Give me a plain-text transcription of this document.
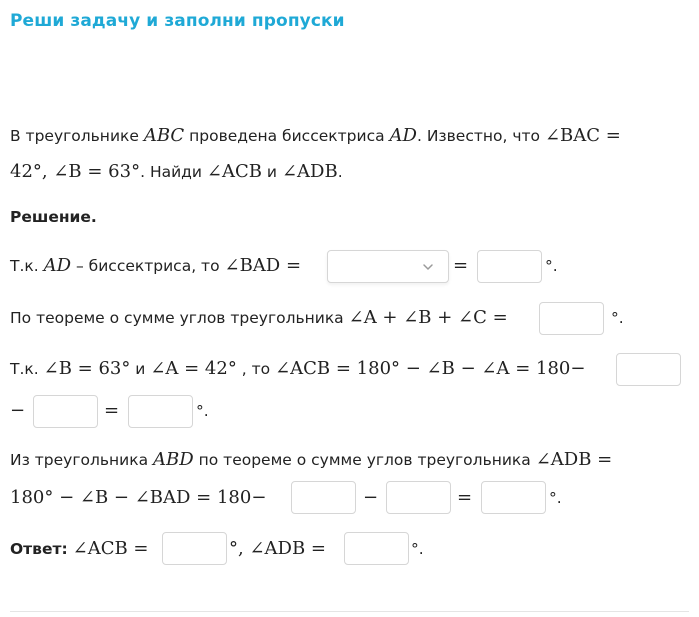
Реши задачу и заполни пропуски
В треугольнике ABC проведена биссектриса AD. Известно, что ∠BAC =
42°, ∠B = 63°. Найди ∠ACB и ∠ADB.
Решение.
Т.к. AD – биссектриса, то ∠BAD =	=	°.
По теореме о сумме углов треугольника ∠A + ∠B + ∠C =	°.
Т.к. ∠B = 63° и ∠A = 42° , то ∠ACB = 180° − ∠B − ∠A = 180−
−	=	°.
Из треугольника ABD по теореме о сумме углов треугольника ∠ADB =
180° − ∠B − ∠BAD = 180−	−	=	°.
Ответ: ∠ACB =	°, ∠ADB =	°.
